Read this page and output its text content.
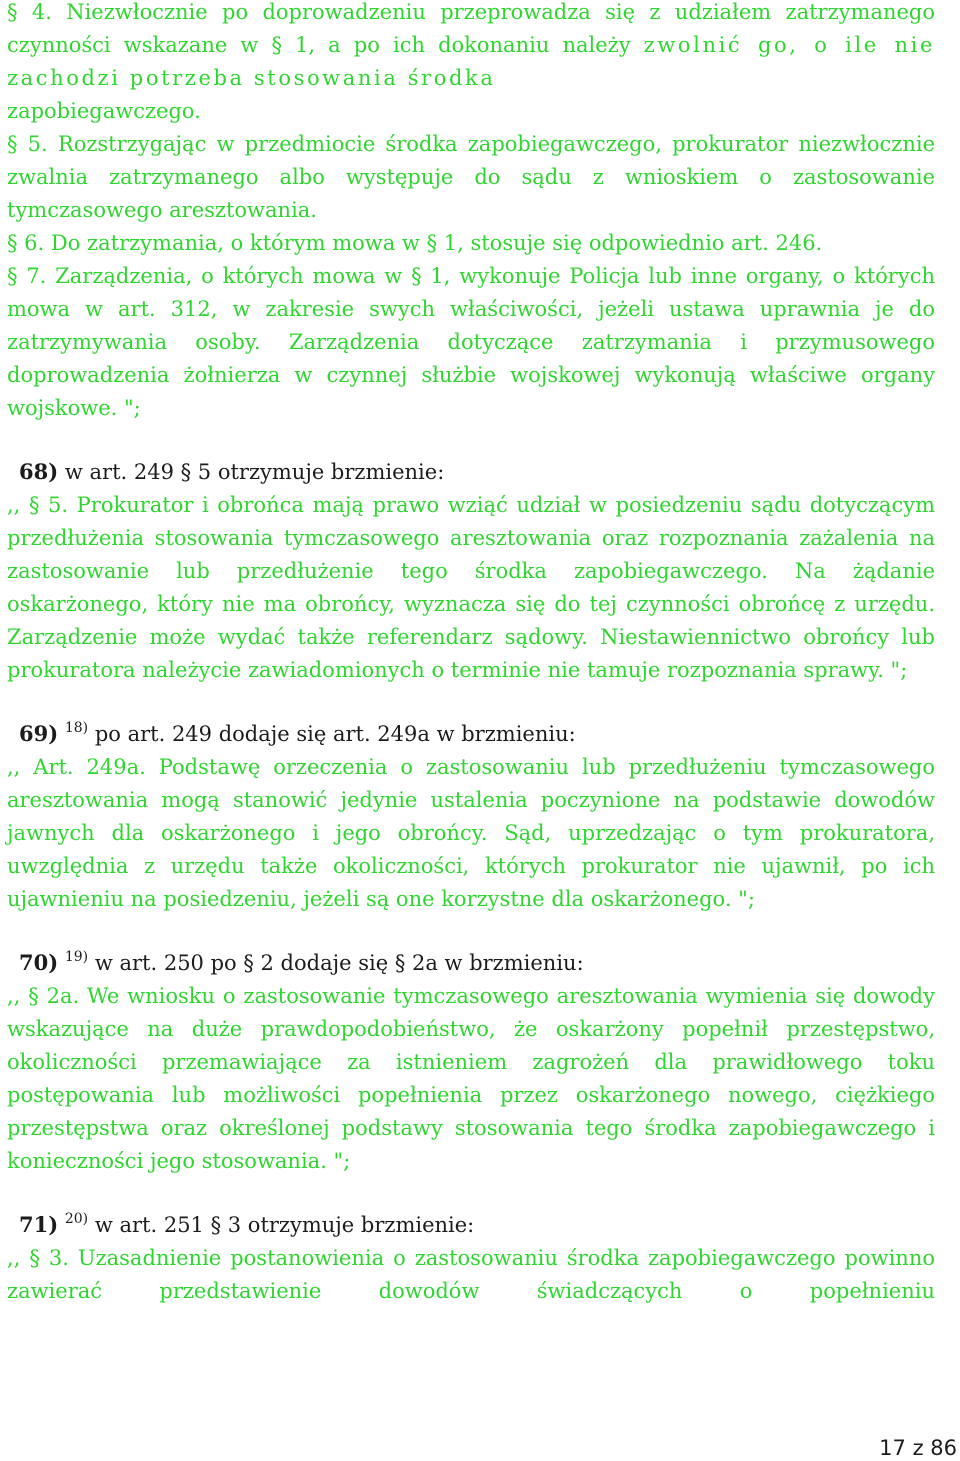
§ 4. Niezwłocznie po doprowadzeniu przeprowadza się z udziałem zatrzymanego czynności wskazane w § 1, a po ich dokonaniu należy zwolnić go, o ile nie zachodzi potrzeba stosowania środka
zapobiegawczego.

§ 5. Rozstrzygając w przedmiocie środka zapobiegawczego, prokurator niezwłocznie zwalnia zatrzymanego albo występuje do sądu z wnioskiem o zastosowanie tymczasowego aresztowania.

§ 6. Do zatrzymania, o którym mowa w § 1, stosuje się odpowiednio art. 246.

§ 7. Zarządzenia, o których mowa w § 1, wykonuje Policja lub inne organy, o których mowa w art. 312, w zakresie swych właściwości, jeżeli ustawa uprawnia je do zatrzymywania osoby. Zarządzenia dotyczące zatrzymania i przymusowego doprowadzenia żołnierza w czynnej służbie wojskowej wykonują właściwe organy wojskowe. ";

68) w art. 249 § 5 otrzymuje brzmienie:

,, § 5. Prokurator i obrońca mają prawo wziąć udział w posiedzeniu sądu dotyczącym przedłużenia stosowania tymczasowego aresztowania oraz rozpoznania zażalenia na zastosowanie lub przedłużenie tego środka zapobiegawczego. Na żądanie oskarżonego, który nie ma obrońcy, wyznacza się do tej czynności obrońcę z urzędu. Zarządzenie może wydać także referendarz sądowy. Niestawiennictwo obrońcy lub prokuratora należycie zawiadomionych o terminie nie tamuje rozpoznania sprawy. ";

69) $^{18)}$ po art. 249 dodaje się art. 249a w brzmieniu:

,, Art. 249a. Podstawę orzeczenia o zastosowaniu lub przedłużeniu tymczasowego aresztowania mogą stanowić jedynie ustalenia poczynione na podstawie dowodów jawnych dla oskarżonego i jego obrońcy. Sąd, uprzedzając o tym prokuratora, uwzględnia z urzędu także okoliczności, których prokurator nie ujawnił, po ich ujawnieniu na posiedzeniu, jeżeli są one korzystne dla oskarżonego. ";

70) $^{19)}$ w art. 250 po § 2 dodaje się § 2a w brzmieniu:

,, § 2a. We wniosku o zastosowanie tymczasowego aresztowania wymienia się dowody wskazujące na duże prawdopodobieństwo, że oskarżony popełnił przestępstwo, okoliczności przemawiające za istnieniem zagrożeń dla prawidłowego toku postępowania lub możliwości popełnienia przez oskarżonego nowego, ciężkiego przestępstwa oraz określonej podstawy stosowania tego środka zapobiegawczego i konieczności jego stosowania. ";

71) $^{20)}$ w art. 251 § 3 otrzymuje brzmienie:

,, § 3. Uzasadnienie postanowienia o zastosowaniu środka zapobiegawczego powinno zawierać przedstawienie dowodów świadczących o popełnieniu

17 z 86
